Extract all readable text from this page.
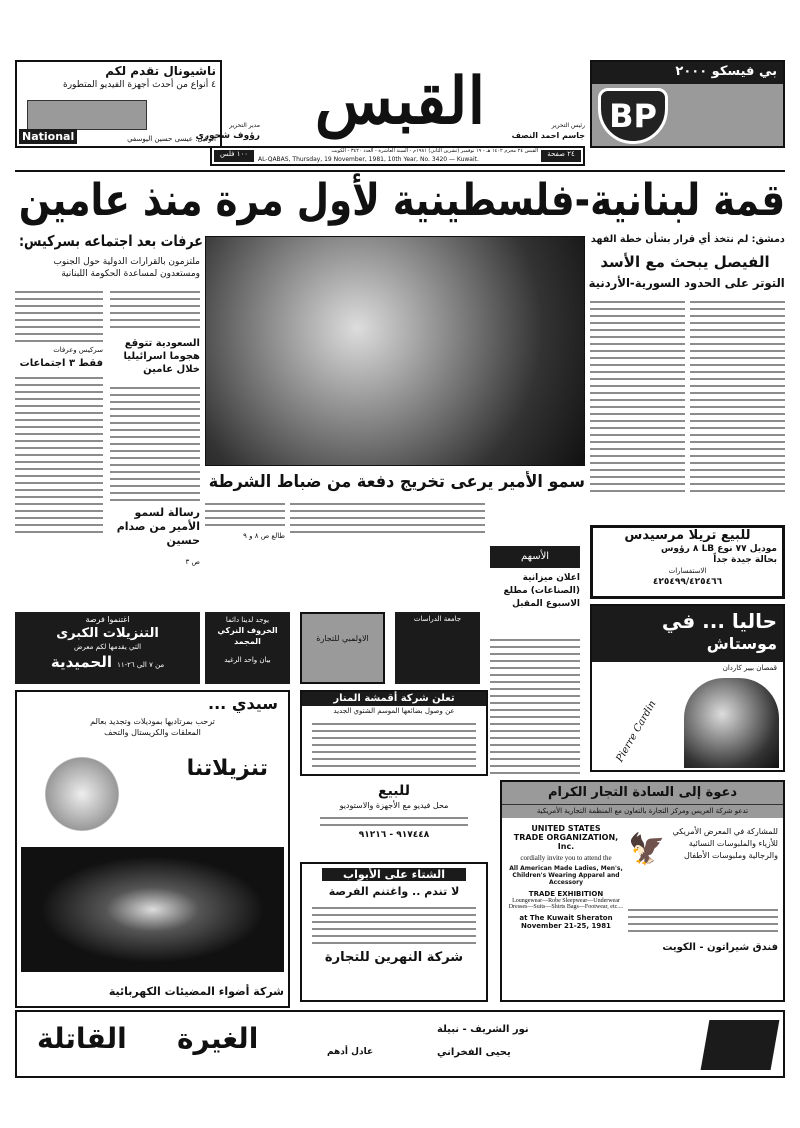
ناشيونال تقدم لكم
٤ أنواع من أحدث أجهزة الفيديو المتطورة
National	الوكيل: عيسى حسين اليوسفي	القبس
مدير التحرير
رؤوف شحوري
رئيس التحرير
جاسم احمد النصف
١٠٠ فلس	القبس ٢٤ محرم ١٤٠٢ هـ - ١٩ نوفمبر (تشرين الثاني) ١٩٨١م - السنة العاشرة - العدد ٣٤٢٠ - الكويت
AL-QABAS, Thursday, 19 November, 1981, 10th Year, No. 3420 — Kuwait.
٢٤ صفحة
بي فيسكو ٢٠٠٠
BP
قمة لبنانية-فلسطينية لأول مرة منذ عامين
عرفات بعد اجتماعه بسركيس:
ملتزمون بالقرارات الدولية حول الجنوب ومستعدون لمساعدة الحكومة اللبنانية
سركيس وعرفات
فقط ٣ اجتماعات
السعودية تتوقع هجوما اسرائيليا خلال عامين
رسالة لسمو الأمير من صدام حسين
ص ٣
سمو الأمير يرعى تخريج دفعة من ضباط الشرطة
طالع ص ٨ و ٩
دمشق: لم نتخذ أي قرار بشأن خطة الفهد
الفيصل يبحث مع الأسد
التوتر على الحدود السورية-الأردنية
الأسهم
اعلان ميزانية (الصناعات) مطلع الاسبوع المقبل
للبيع تريلا مرسيدس
موديل ٧٧ نوع LB ٨ رؤوس
بحالة جيدة جداً
الاستفسارات
٤٢٥٤٩٩/٤٢٥٤٦٦
اغتنموا فرصة
التنزيلات الكبرى
التي يقدمها لكم معرض
الحميدية من ٧ الى ٢٦-١١
يوجد لدينا دائما
الخروف النركي المجمد
بيان واحد الرغيد
الاولمبي للتجارة
جامعة الدراسات	حاليا ... في
موستاش
قمصان بيير كاردان
Pierre Cardin
تعلن شركة أقمشة المنار
عن وصول بضائعها الموسم الشتوي الجديد
سيدي ...
ترحب بمرتاديها بموديلات وتجديد بعالم
المعلقات والكريستال والتحف
تنزيلاتنا
شركة أضواء المضيئات الكهربائية
للبيع
محل فيديو مع الأجهزة والاستوديو
٩١٧٤٤٨ - ٩١٢١٦
الشتاء على الأبواب
لا تندم .. واغتنم الفرصة
شركة النهرين للتجارة
دعوة إلى السادة التجار الكرام
تدعو شركة العريس ومركز التجارة بالتعاون مع المنظمة التجارية الأمريكية
UNITED STATES
TRADE ORGANIZATION, Inc.
cordially invite you to attend the
All American Made Ladies, Men's, Children's Wearing Apparel and Accessory
TRADE EXHIBITION
Loungewear—Robe Sleepwear—Underwear Dresses—Suits—Shirts Bags—Footwear, etc....
at The Kuwait Sheraton November 21-25, 1981
🦅
للمشاركة في المعرض الأمريكي للأزياء والملبوسات النسائية والرجالية وملبوسات الأطفال
فندق شيراتون - الكويت
القاتلة الغيرة	نور الشريف - نبيلة
يحيى الفخراني
عادل أدهم
